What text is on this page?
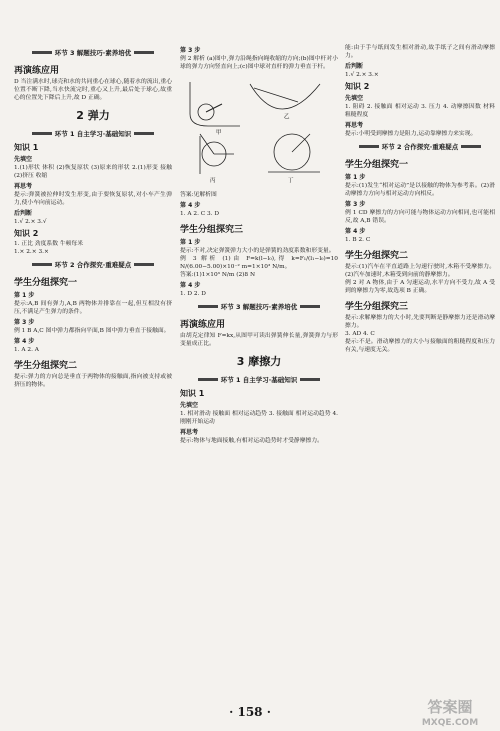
环节 3 解题技巧·素养培优
再演练应用

D 当注满水时,球壳和水的共同重心在球心,随着水的流出,重心位置不断下降,当水快流完时,重心又上升,最后处于球心,故重心的位置先下降后上升,故 D 正确。

2 弹力
环节 1 自主学习·基础知识
知识 1
先填空

1.(1)形状 体积 (2)恢复原状 (3)原来的形状 2.(1)形变 接触 (2)挤压 收缩

再思考

提示:弹簧被拉伸时发生形变,由于要恢复原状,对小车产生弹力,使小车向前运动。

后判断

1.√ 2.× 3.√

知识 2

1. 正比 劲度系数 牛顿每米

1.× 2.× 3.×

环节 2 合作探究·重难疑点
学生分组探究一
第 1 步

提示:A,B 间有弹力,A,B 两物体并排靠在一起,但互相没有挤压,不满足产生弹力的条件。

第 3 步

例 1 B A,C 图中弹力都指向平面,B 图中弹力垂直于接触面。

第 4 步

1. A 2. A

学生分组探究二

提示:弹力的方向总是垂直于两物体的接触面,指向被支持或被挤压的物体。

第 3 步

例 2 解析 (a)图中,弹力沿绳指向绳收缩的方向;(b)图中杆对小球的弹力方向竖直向上;(c)图中球对直杆的弹力垂直于杆。

甲
乙
丙	丁

答案:见解析图

第 4 步

1. A 2. C 3. D

学生分组探究三
第 1 步

提示:不对,决定弹簧弹力大小的是弹簧的劲度系数和形变量。

例 3 解析 (1)由 F=k(l−l₀),得 k=F₁/(l₁−l₀)=10 N/(6.00−5.00)×10⁻² m=1×10³ N/m。

答案:(1)1×10³ N/m (2)8 N

第 4 步

1. D 2. D

环节 3 解题技巧·素养培优
再演练应用

由胡克定律知 F=kx,从图甲可读出弹簧伸长量,弹簧弹力与形变量成正比。

3 摩擦力
环节 1 自主学习·基础知识
知识 1
先填空

1. 相对滑动 接触面 相对运动趋势 3. 接触面 相对运动趋势 4. 刚刚开始运动

再思考

提示:物体与地面接触,有相对运动趋势时才受静摩擦力。

能:由于手与纸间发生相对滑动,故手纸子之间有滑动摩擦力。

后判断

1.√ 2.× 3.×

知识 2
先填空

1. 阻碍 2. 接触面 相对运动 3. 压力 4. 动摩擦因数 材料 粗糙程度

再思考

提示:小明受到摩擦力是阻力,运动靠摩擦力来实现。

环节 2 合作探究·重难疑点
学生分组探究一
第 1 步

提示:(1)发生“相对运动”是以接触的物体为参考系。(2)滑动摩擦力方向与相对运动方向相反。

第 3 步

例 1 CD 摩擦力的方向可能与物体运动方向相同,也可能相反,故 A,B 错误。

第 4 步

1. B 2. C

学生分组探究二

提示:(1)汽车在平直道路上匀速行驶时,木箱不受摩擦力。(2)汽车加速时,木箱受到向前的静摩擦力。

例 2 对 A 物体,由于 A 匀速运动,水平方向不受力,故 A 受到的摩擦力为零,故选项 B 正确。

学生分组探究三

提示:求解摩擦力的大小时,先要判断是静摩擦力还是滑动摩擦力。

3. AD 4. C

提示:不是。滑动摩擦力的大小与接触面的粗糙程度和压力有关,与速度无关。

· 158 ·	答案圈
MXQE.COM
